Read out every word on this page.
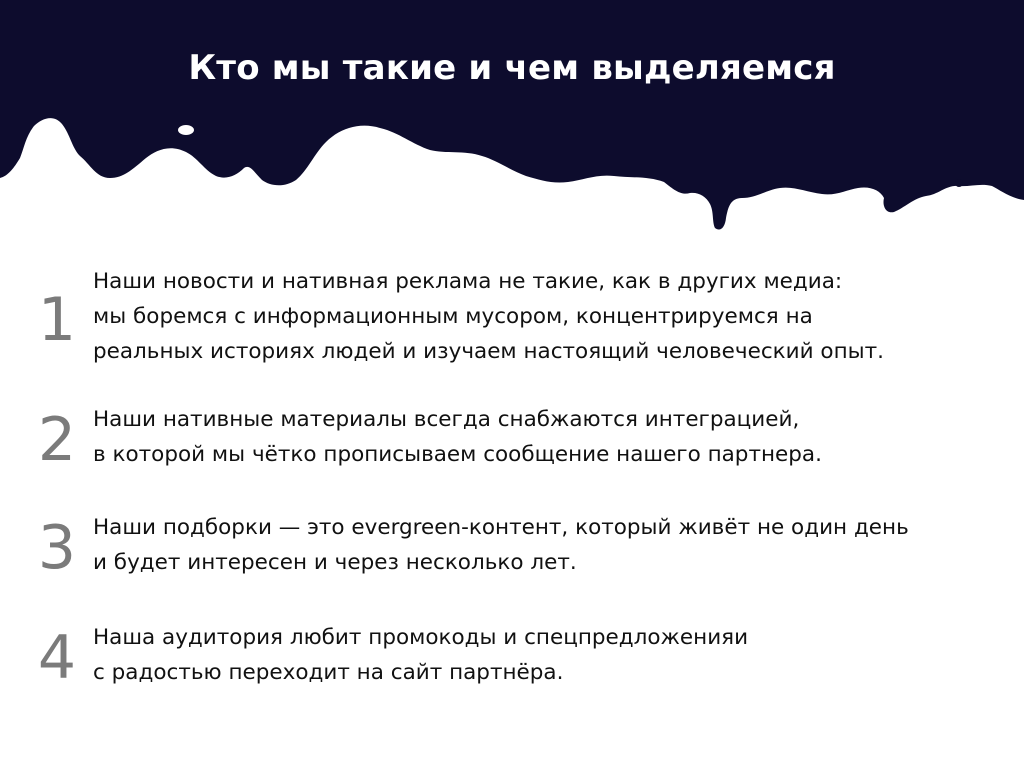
Кто мы такие и чем выделяемся
1
Наши новости и нативная реклама не такие, как в других медиа:
мы боремся с информационным мусором, концентрируемся на
реальных историях людей и изучаем настоящий человеческий опыт.
2 Наши нативные материалы всегда снабжаются интеграцией,
в которой мы чётко прописываем сообщение нашего партнера.
3 Наши подборки — это evergreen-контент, который живёт не один день
и будет интересен и через несколько лет.
4 Наша аудитория любит промокоды и спецпредложенияи
с радостью переходит на сайт партнёра.
